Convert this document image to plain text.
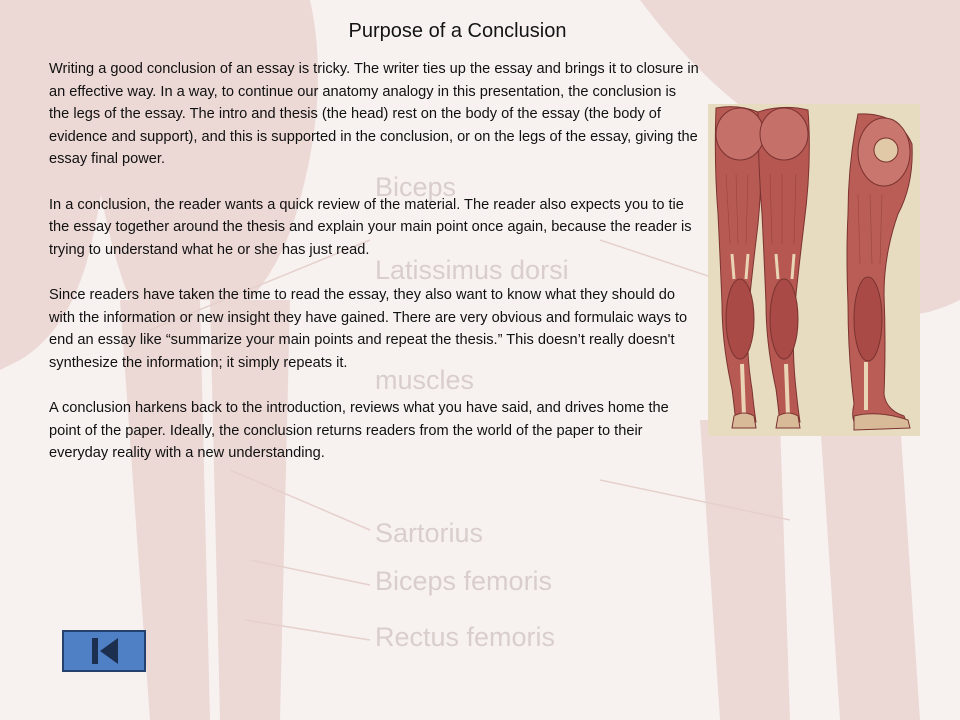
Biceps
Latissimus dorsi
muscles
Sartorius
Biceps femoris
Rectus femoris
Purpose of a Conclusion

Writing a good conclusion of an essay is tricky. The writer ties up the essay and brings it to closure in an effective way. In a way, to continue our anatomy analogy in this presentation, the conclusion is the legs of the essay. The intro and thesis (the head) rest on the body of the essay (the body of evidence and support), and this is supported in the conclusion, or on the legs of the essay, giving the essay final power.

In a conclusion, the reader wants a quick review of the material. The reader also expects you to tie the essay together around the thesis and explain your main point once again, because the reader is trying to understand what he or she has just read.

Since readers have taken the time to read the essay, they also want to know what they should do with the information or new insight they have gained. There are very obvious and formulaic ways to end an essay like “summarize your main points and repeat the thesis.” This doesn’t really doesn't synthesize the information; it simply repeats it.

A conclusion harkens back to the introduction, reviews what you have said, and drives home the point of the paper. Ideally, the conclusion returns readers from the world of the paper to their everyday reality with a new understanding.
